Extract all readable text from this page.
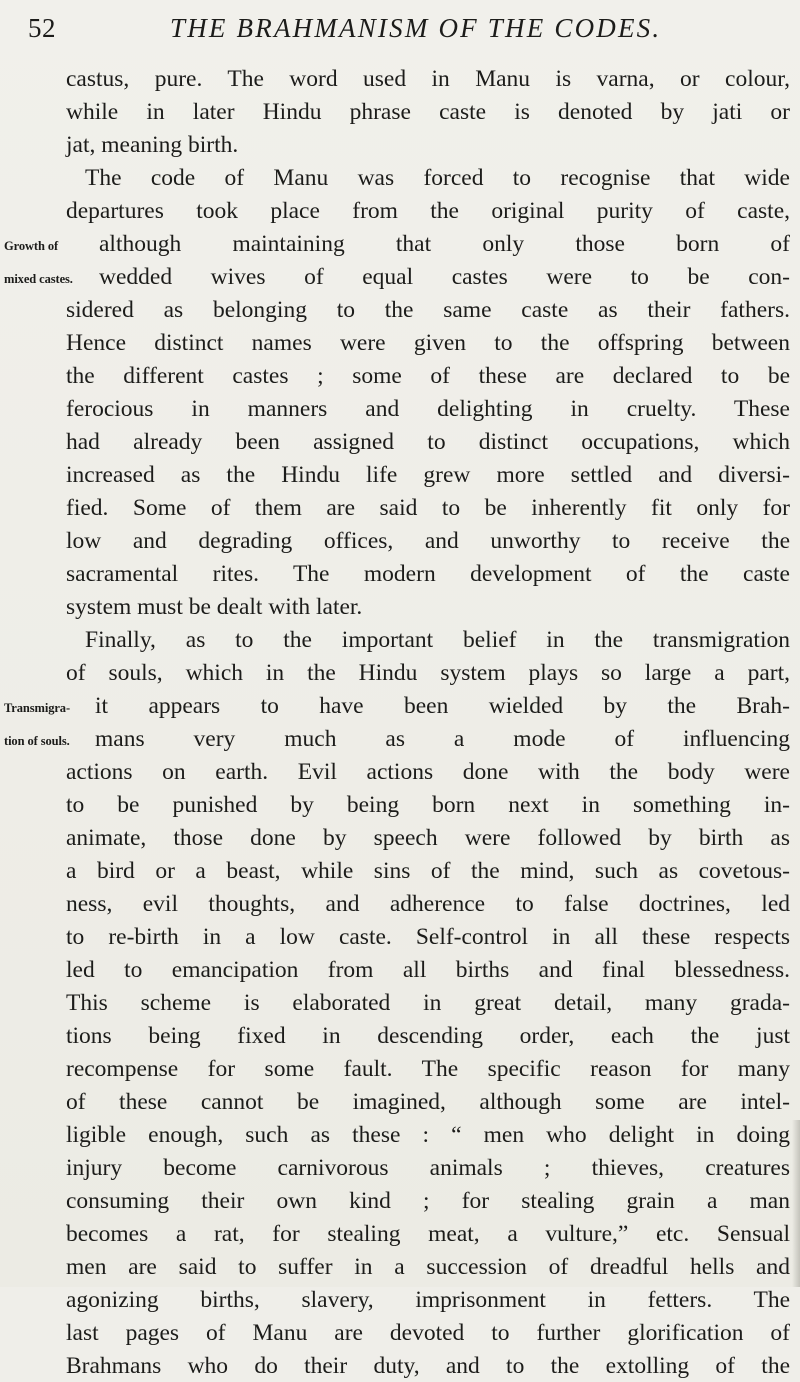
52	THE BRAHMANISM OF THE CODES.
castus, pure. The word used in Manu is varna, or colour,
while in later Hindu phrase caste is denoted by jati or
jat, meaning birth.
The code of Manu was forced to recognise that wide
departures took place from the original purity of caste,
Growth of	although maintaining that only those born of
mixed castes.	wedded wives of equal castes were to be con-
sidered as belonging to the same caste as their fathers.
Hence distinct names were given to the offspring between
the different castes ; some of these are declared to be
ferocious in manners and delighting in cruelty. These
had already been assigned to distinct occupations, which
increased as the Hindu life grew more settled and diversi-
fied. Some of them are said to be inherently fit only for
low and degrading offices, and unworthy to receive the
sacramental rites. The modern development of the caste
system must be dealt with later.
Finally, as to the important belief in the transmigration
of souls, which in the Hindu system plays so large a part,
Transmigra-	it appears to have been wielded by the Brah-
tion of souls.	mans very much as a mode of influencing
actions on earth. Evil actions done with the body were
to be punished by being born next in something in-
animate, those done by speech were followed by birth as
a bird or a beast, while sins of the mind, such as covetous-
ness, evil thoughts, and adherence to false doctrines, led
to re-birth in a low caste. Self-control in all these respects
led to emancipation from all births and final blessedness.
This scheme is elaborated in great detail, many grada-
tions being fixed in descending order, each the just
recompense for some fault. The specific reason for many
of these cannot be imagined, although some are intel-
ligible enough, such as these : “ men who delight in doing
injury become carnivorous animals ; thieves, creatures
consuming their own kind ; for stealing grain a man
becomes a rat, for stealing meat, a vulture,” etc. Sensual
men are said to suffer in a succession of dreadful hells and
agonizing births, slavery, imprisonment in fetters. The
last pages of Manu are devoted to further glorification of
Brahmans who do their duty, and to the extolling of the
